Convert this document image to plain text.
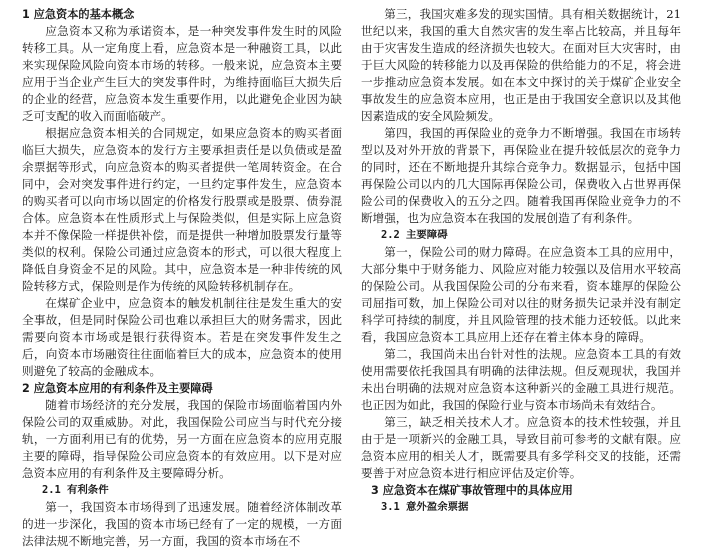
1 应急资本的基本概念

应急资本又称为承诺资本，是一种突发事件发生时的风险转移工具。从一定角度上看，应急资本是一种融资工具，以此来实现保险风险向资本市场的转移。一般来说，应急资本主要应用于当企业产生巨大的突发事件时，为维持面临巨大损失后的企业的经营，应急资本发生重要作用，以此避免企业因为缺乏可支配的收入而面临破产。

根据应急资本相关的合同规定，如果应急资本的购买者面临巨大损失，应急资本的发行方主要承担责任是以负债或是盈余票据等形式，向应急资本的购买者提供一笔周转资金。在合同中，会对突发事件进行约定，一旦约定事件发生，应急资本的购买者可以向市场以固定的价格发行股票或是股票、债券混合体。应急资本在性质形式上与保险类似，但是实际上应急资本并不像保险一样提供补偿，而是提供一种增加股票发行量等类似的权利。保险公司通过应急资本的形式，可以很大程度上降低自身资金不足的风险。其中，应急资本是一种非传统的风险转移方式，保险则是作为传统的风险转移机制存在。

在煤矿企业中，应急资本的触发机制往往是发生重大的安全事故，但是同时保险公司也难以承担巨大的财务需求，因此需要向资本市场或是银行获得资本。若是在突发事件发生之后，向资本市场融资往往面临着巨大的成本，应急资本的使用则避免了较高的金融成本。

2 应急资本应用的有利条件及主要障碍

随着市场经济的充分发展，我国的保险市场面临着国内外保险公司的双重威胁。对此，我国保险公司应当与时代充分接轨，一方面利用已有的优势，另一方面在应急资本的应用克服主要的障碍，指导保险公司应急资本的有效应用。以下是对应急资本应用的有利条件及主要障碍分析。

2.1 有利条件

第一，我国资本市场得到了迅速发展。随着经济体制改革的进一步深化，我国的资本市场已经有了一定的规模，一方面法律法规不断地完善，另一方面，我国的资本市场在不

第三，我国灾难多发的现实国情。具有相关数据统计，21世纪以来，我国的重大自然灾害的发生率占比较高，并且每年由于灾害发生造成的经济损失也较大。在面对巨大灾害时，由于巨大风险的转移能力以及再保险的供给能力的不足，将会进一步推动应急资本发展。如在本文中探讨的关于煤矿企业安全事故发生的应急资本应用，也正是由于我国安全意识以及其他因素造成的安全风险频发。

第四，我国的再保险业的竞争力不断增强。我国在市场转型以及对外开放的背景下，再保险业在提升较低层次的竞争力的同时，还在不断地提升其综合竞争力。数据显示，包括中国再保险公司以内的几大国际再保险公司，保费收入占世界再保险公司的保费收入的五分之四。随着我国再保险业竞争力的不断增强，也为应急资本在我国的发展创造了有利条件。

2.2 主要障碍

第一，保险公司的财力障碍。在应急资本工具的应用中，大部分集中于财务能力、风险应对能力较强以及信用水平较高的保险公司。从我国保险公司的分布来看，资本雄厚的保险公司屈指可数，加上保险公司对以往的财务损失记录并没有制定科学可持续的制度，并且风险管理的技术能力还较低。以此来看，我国应急资本工具应用上还存在着主体本身的障碍。

第二，我国尚未出台针对性的法规。应急资本工具的有效使用需要依托我国具有明确的法律法规。但反观现状，我国并未出台明确的法规对应急资本这种新兴的金融工具进行规范。也正因为如此，我国的保险行业与资本市场尚未有效结合。

第三，缺乏相关技术人才。应急资本的技术性较强，并且由于是一项新兴的金融工具，导致目前可参考的文献有限。应急资本应用的相关人才，既需要具有多学科交叉的技能，还需要善于对应急资本进行相应评估及定价等。

3 应急资本在煤矿事故管理中的具体应用
3.1 意外盈余票据
